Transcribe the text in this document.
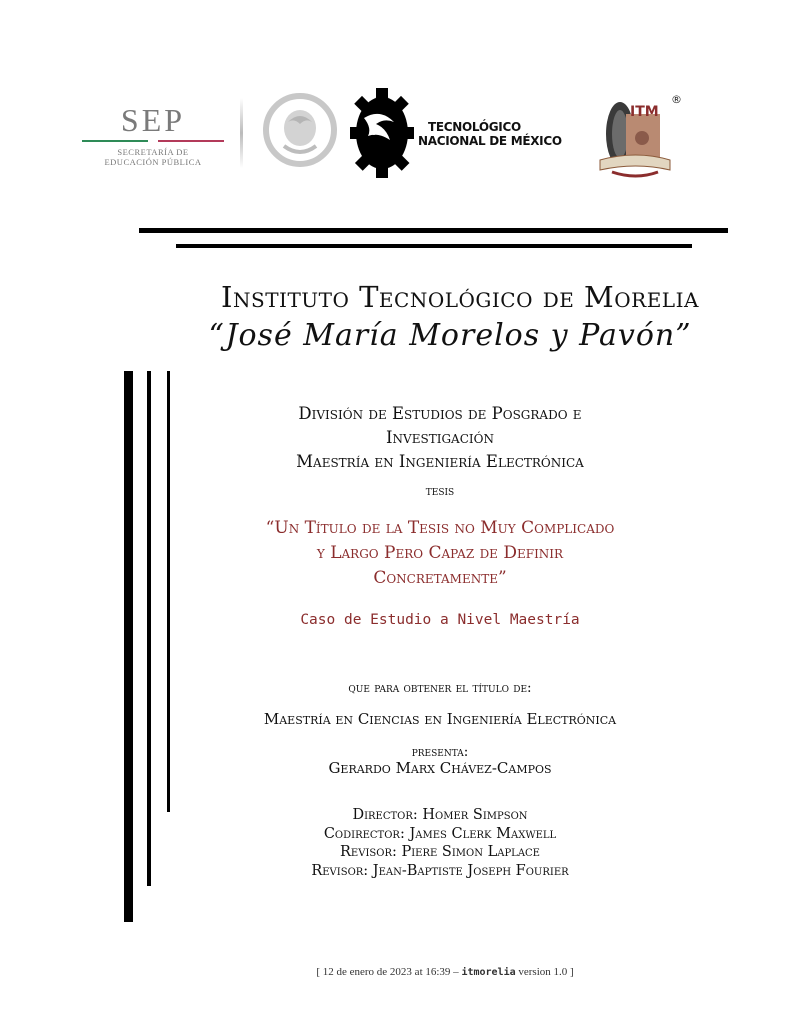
SEP
SECRETARÍA DE
EDUCACIÓN PÚBLICA
TECNOLÓGICO
NACIONAL DE MÉXICO
ITM
®
Instituto Tecnológico de Morelia
“José María Morelos y Pavón”
División de Estudios de Posgrado e
Investigación
Maestría en Ingeniería Electrónica
tesis
“Un Título de la Tesis no Muy Complicado
y Largo Pero Capaz de Definir
Concretamente”
Caso de Estudio a Nivel Maestría
que para obtener el título de:
Maestría en Ciencias en Ingeniería Electrónica
presenta:
Gerardo Marx Chávez-Campos
Director: Homer Simpson
Codirector: James Clerk Maxwell
Revisor: Piere Simon Laplace
Revisor: Jean-Baptiste Joseph Fourier
[ 12 de enero de 2023 at 16:39 – itmorelia version 1.0 ]
